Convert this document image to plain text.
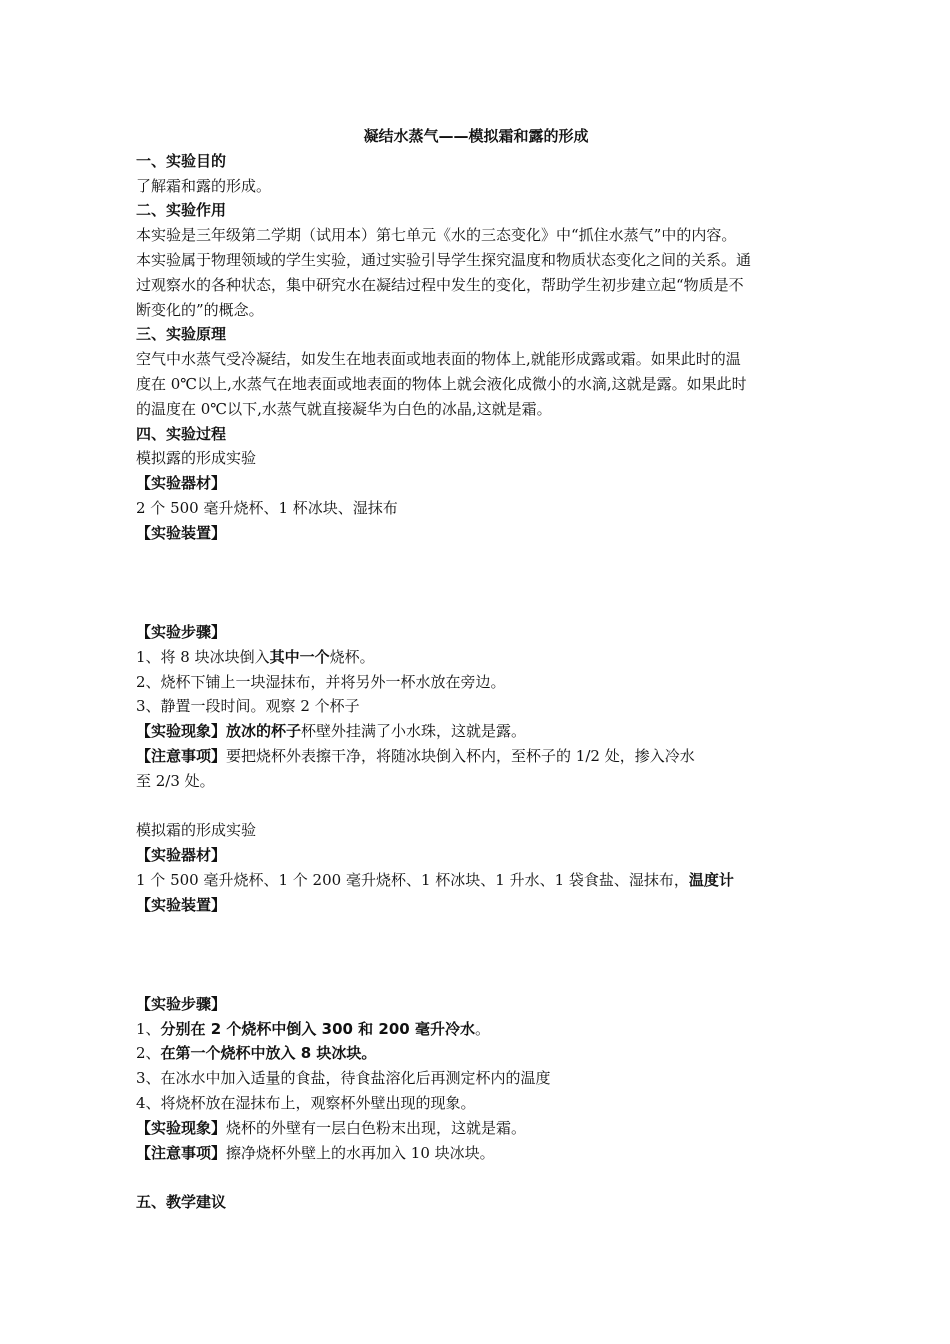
凝结水蒸气——模拟霜和露的形成
一、实验目的
了解霜和露的形成。
二、实验作用
本实验是三年级第二学期（试用本）第七单元《水的三态变化》中“抓住水蒸气”中的内容。
本实验属于物理领域的学生实验，通过实验引导学生探究温度和物质状态变化之间的关系。通
过观察水的各种状态，集中研究水在凝结过程中发生的变化，帮助学生初步建立起“物质是不
断变化的”的概念。
三、实验原理
空气中水蒸气受冷凝结，如发生在地表面或地表面的物体上,就能形成露或霜。如果此时的温
度在 0℃以上,水蒸气在地表面或地表面的物体上就会液化成微小的水滴,这就是露。如果此时
的温度在 0℃以下,水蒸气就直接凝华为白色的冰晶,这就是霜。
四、实验过程
模拟露的形成实验
【实验器材】
2 个 500 毫升烧杯、1 杯冰块、湿抹布
【实验装置】
【实验步骤】
1、将 8 块冰块倒入其中一个烧杯。
2、烧杯下铺上一块湿抹布，并将另外一杯水放在旁边。
3、静置一段时间。观察 2 个杯子
【实验现象】放冰的杯子杯壁外挂满了小水珠，这就是露。
【注意事项】要把烧杯外表擦干净，将随冰块倒入杯内，至杯子的 1/2 处，掺入冷水
至 2/3 处。
模拟霜的形成实验
【实验器材】
1 个 500 毫升烧杯、1 个 200 毫升烧杯、1 杯冰块、1 升水、1 袋食盐、湿抹布，温度计
【实验装置】
【实验步骤】
1、分别在 2 个烧杯中倒入 300 和 200 毫升冷水。
2、在第一个烧杯中放入 8 块冰块。
3、在冰水中加入适量的食盐，待食盐溶化后再测定杯内的温度
4、将烧杯放在湿抹布上，观察杯外壁出现的现象。
【实验现象】烧杯的外壁有一层白色粉末出现，这就是霜。
【注意事项】擦净烧杯外壁上的水再加入 10 块冰块。
五、教学建议
